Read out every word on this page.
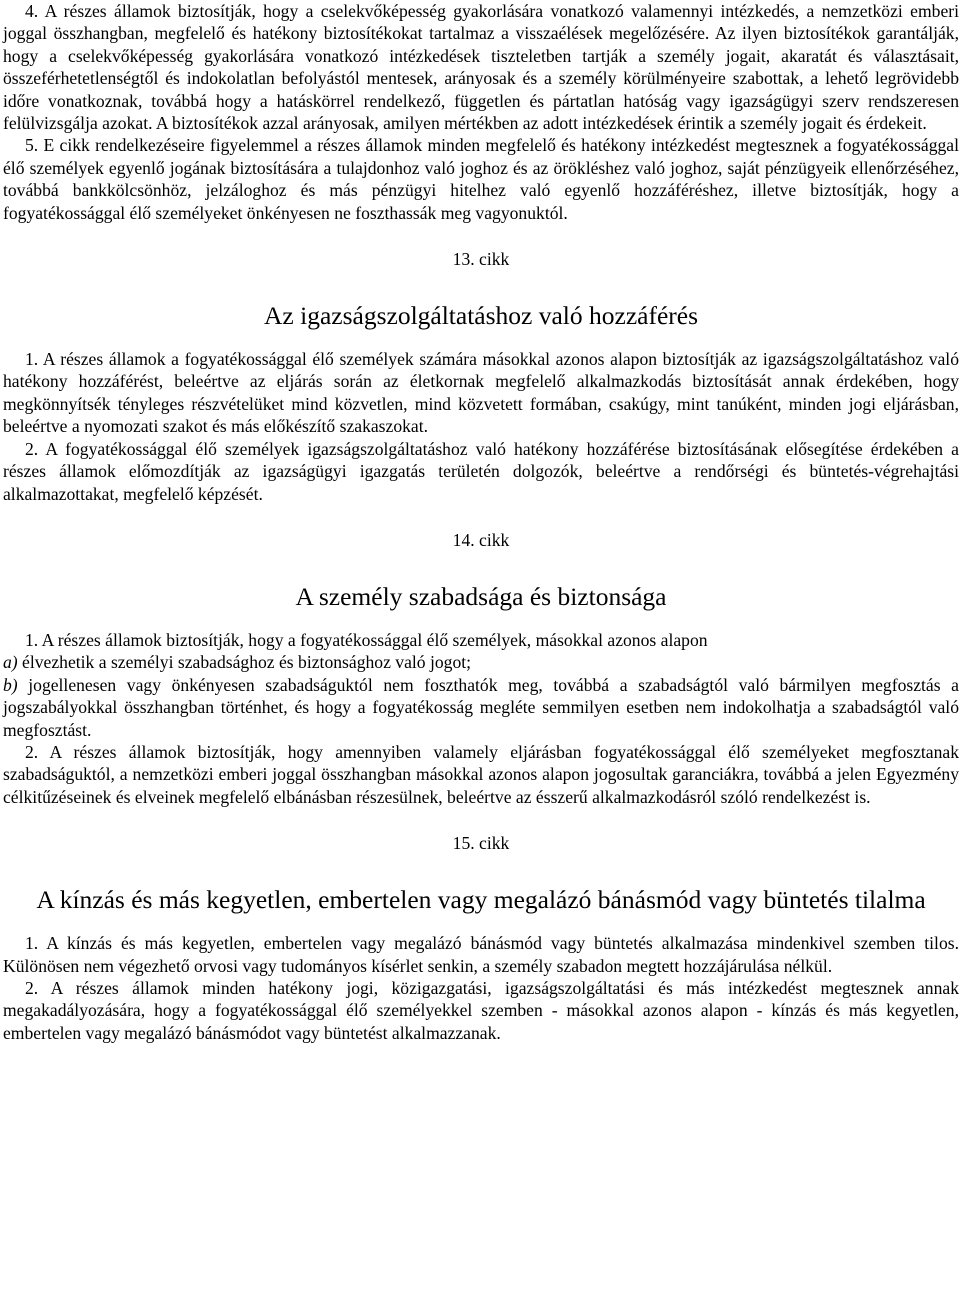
4. A részes államok biztosítják, hogy a cselekvőképesség gyakorlására vonatkozó valamennyi intézkedés, a nemzetközi emberi joggal összhangban, megfelelő és hatékony biztosítékokat tartalmaz a visszaélések megelőzésére. Az ilyen biztosítékok garantálják, hogy a cselekvőképesség gyakorlására vonatkozó intézkedések tiszteletben tartják a személy jogait, akaratát és választásait, összeférhetetlenségtől és indokolatlan befolyástól mentesek, arányosak és a személy körülményeire szabottak, a lehető legrövidebb időre vonatkoznak, továbbá hogy a hatáskörrel rendelkező, független és pártatlan hatóság vagy igazságügyi szerv rendszeresen felülvizsgálja azokat. A biztosítékok azzal arányosak, amilyen mértékben az adott intézkedések érintik a személy jogait és érdekeit.

5. E cikk rendelkezéseire figyelemmel a részes államok minden megfelelő és hatékony intézkedést megtesznek a fogyatékossággal élő személyek egyenlő jogának biztosítására a tulajdonhoz való joghoz és az örökléshez való joghoz, saját pénzügyeik ellenőrzéséhez, továbbá bankkölcsönhöz, jelzáloghoz és más pénzügyi hitelhez való egyenlő hozzáféréshez, illetve biztosítják, hogy a fogyatékossággal élő személyeket önkényesen ne foszthassák meg vagyonuktól.

13. cikk
Az igazságszolgáltatáshoz való hozzáférés

1. A részes államok a fogyatékossággal élő személyek számára másokkal azonos alapon biztosítják az igazságszolgáltatáshoz való hatékony hozzáférést, beleértve az eljárás során az életkornak megfelelő alkalmazkodás biztosítását annak érdekében, hogy megkönnyítsék tényleges részvételüket mind közvetlen, mind közvetett formában, csakúgy, mint tanúként, minden jogi eljárásban, beleértve a nyomozati szakot és más előkészítő szakaszokat.

2. A fogyatékossággal élő személyek igazságszolgáltatáshoz való hatékony hozzáférése biztosításának elősegítése érdekében a részes államok előmozdítják az igazságügyi igazgatás területén dolgozók, beleértve a rendőrségi és büntetés-végrehajtási alkalmazottakat, megfelelő képzését.

14. cikk
A személy szabadsága és biztonsága

1. A részes államok biztosítják, hogy a fogyatékossággal élő személyek, másokkal azonos alapon

a) élvezhetik a személyi szabadsághoz és biztonsághoz való jogot;

b) jogellenesen vagy önkényesen szabadságuktól nem foszthatók meg, továbbá a szabadságtól való bármilyen megfosztás a jogszabályokkal összhangban történhet, és hogy a fogyatékosság megléte semmilyen esetben nem indokolhatja a szabadságtól való megfosztást.

2. A részes államok biztosítják, hogy amennyiben valamely eljárásban fogyatékossággal élő személyeket megfosztanak szabadságuktól, a nemzetközi emberi joggal összhangban másokkal azonos alapon jogosultak garanciákra, továbbá a jelen Egyezmény célkitűzéseinek és elveinek megfelelő elbánásban részesülnek, beleértve az ésszerű alkalmazkodásról szóló rendelkezést is.

15. cikk
A kínzás és más kegyetlen, embertelen vagy megalázó bánásmód vagy büntetés tilalma

1. A kínzás és más kegyetlen, embertelen vagy megalázó bánásmód vagy büntetés alkalmazása mindenkivel szemben tilos. Különösen nem végezhető orvosi vagy tudományos kísérlet senkin, a személy szabadon megtett hozzájárulása nélkül.

2. A részes államok minden hatékony jogi, közigazgatási, igazságszolgáltatási és más intézkedést megtesznek annak megakadályozására, hogy a fogyatékossággal élő személyekkel szemben - másokkal azonos alapon - kínzás és más kegyetlen, embertelen vagy megalázó bánásmódot vagy büntetést alkalmazzanak.
